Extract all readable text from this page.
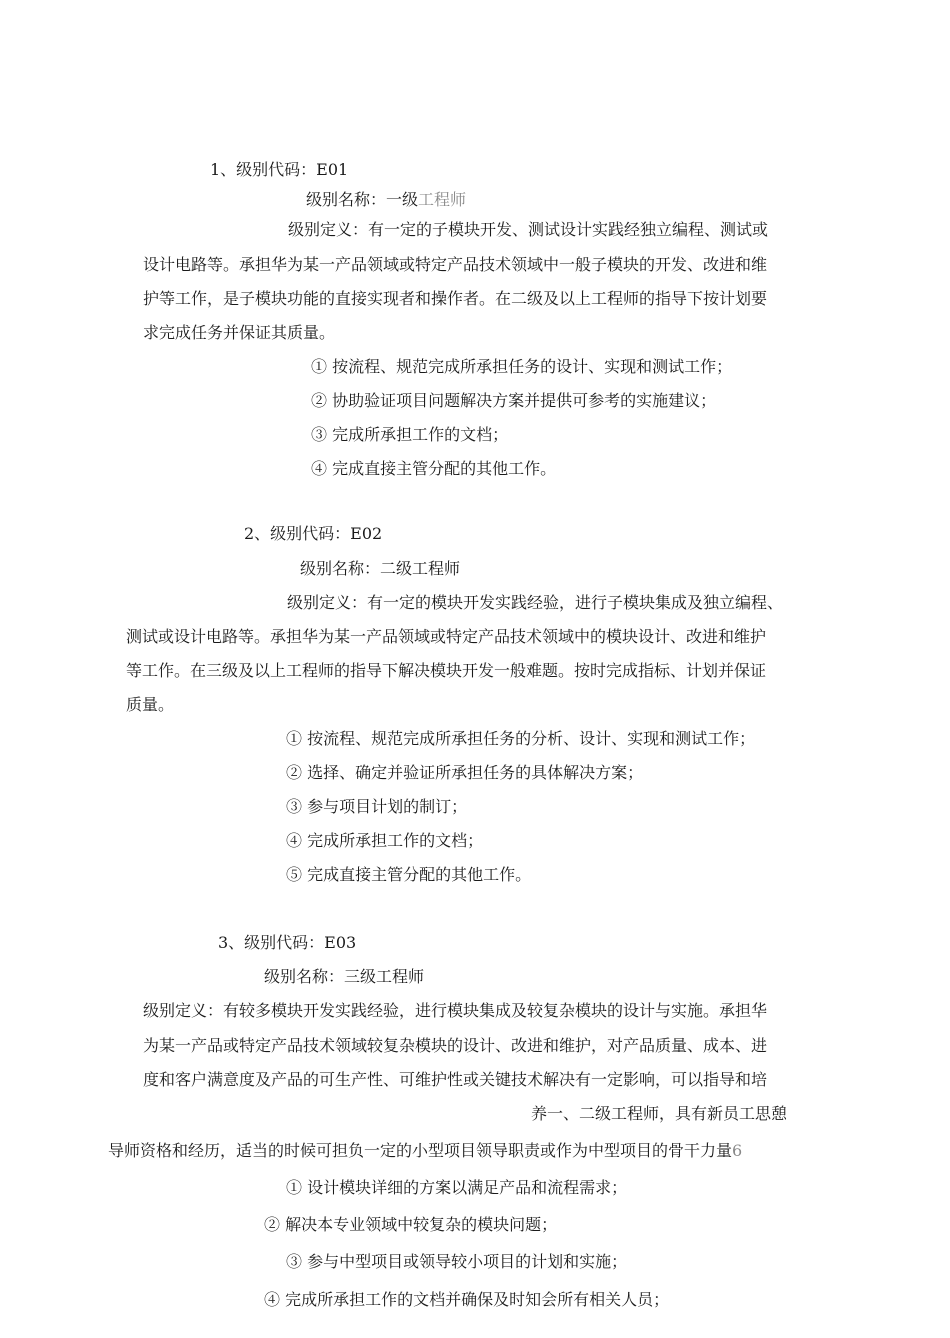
1、级别代码：E01
级别名称：一级工程师
级别定义：有一定的子模块开发、测试设计实践经独立编程、测试或
设计电路等。承担华为某一产品领域或特定产品技术领域中一般子模块的开发、改进和维
护等工作，是子模块功能的直接实现者和操作者。在二级及以上工程师的指导下按计划要
求完成任务并保证其质量。
① 按流程、规范完成所承担任务的设计、实现和测试工作；
② 协助验证项目问题解决方案并提供可参考的实施建议；
③ 完成所承担工作的文档；
④ 完成直接主管分配的其他工作。
2、级别代码：E02
级别名称：二级工程师
级别定义：有一定的模块开发实践经验，进行子模块集成及独立编程、
测试或设计电路等。承担华为某一产品领域或特定产品技术领域中的模块设计、改进和维护
等工作。在三级及以上工程师的指导下解决模块开发一般难题。按时完成指标、计划并保证
质量。
① 按流程、规范完成所承担任务的分析、设计、实现和测试工作；
② 选择、确定并验证所承担任务的具体解决方案；
③ 参与项目计划的制订；
④ 完成所承担工作的文档；
⑤ 完成直接主管分配的其他工作。
3、级别代码：E03
级别名称：三级工程师
级别定义：有较多模块开发实践经验，进行模块集成及较复杂模块的设计与实施。承担华
为某一产品或特定产品技术领域较复杂模块的设计、改进和维护，对产品质量、成本、进
度和客户满意度及产品的可生产性、可维护性或关键技术解决有一定影响，可以指导和培
养一、二级工程师，具有新员工思憩
导师资格和经历，适当的时候可担负一定的小型项目领导职责或作为中型项目的骨干力量6
① 设计模块详细的方案以满足产品和流程需求；
② 解决本专业领域中较复杂的模块问题；
③ 参与中型项目或领导较小项目的计划和实施；
④ 完成所承担工作的文档并确保及时知会所有相关人员；
